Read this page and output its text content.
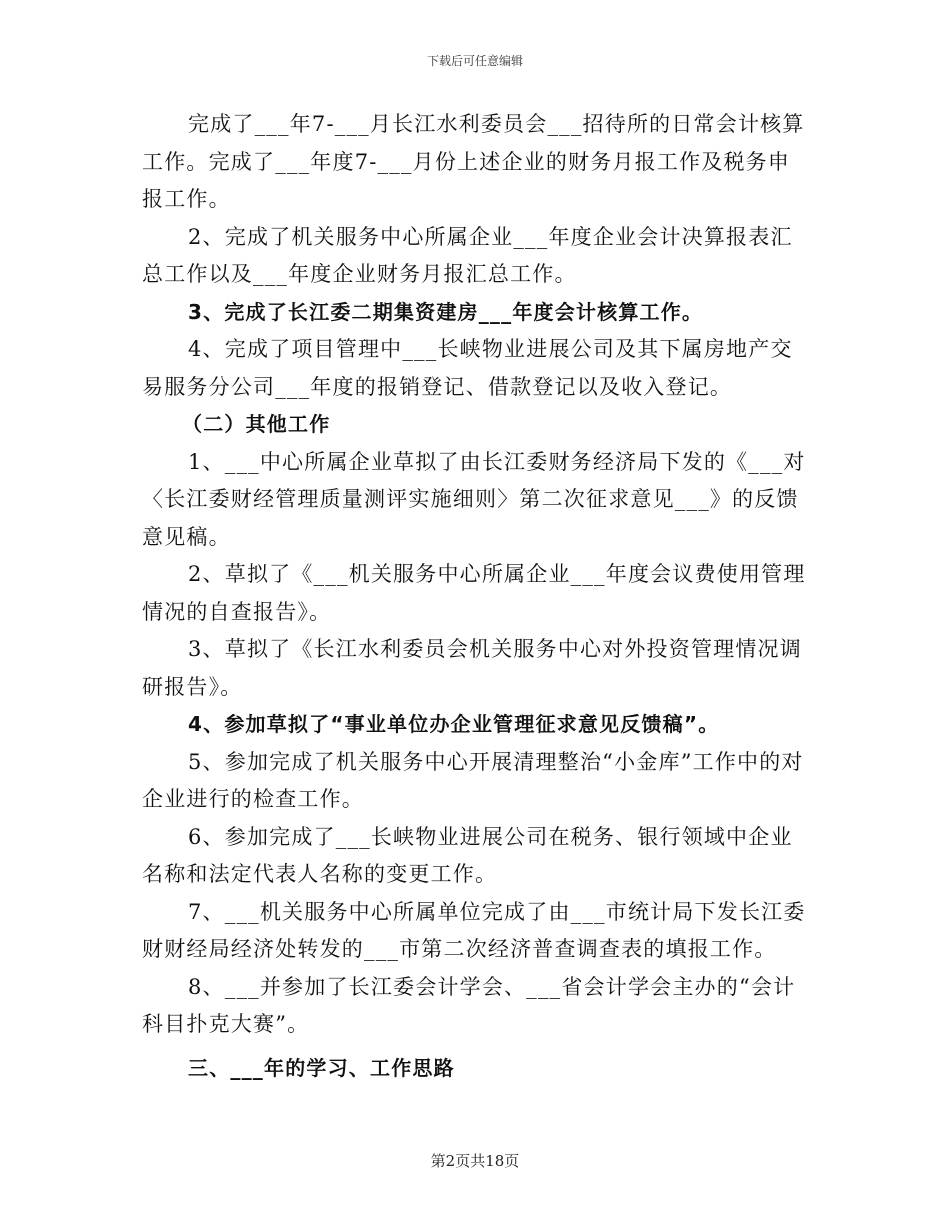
下载后可任意编辑

完成了___年7-___月长江水利委员会___招待所的日常会计核算工作。完成了___年度7-___月份上述企业的财务月报工作及税务申报工作。

2、完成了机关服务中心所属企业___年度企业会计决算报表汇总工作以及___年度企业财务月报汇总工作。

3、完成了长江委二期集资建房___年度会计核算工作。

4、完成了项目管理中___长峡物业进展公司及其下属房地产交易服务分公司___年度的报销登记、借款登记以及收入登记。

（二）其他工作

1、___中心所属企业草拟了由长江委财务经济局下发的《___对〈长江委财经管理质量测评实施细则〉第二次征求意见___》的反馈意见稿。

2、草拟了《___机关服务中心所属企业___年度会议费使用管理情况的自查报告》。

3、草拟了《长江水利委员会机关服务中心对外投资管理情况调研报告》。

4、参加草拟了“事业单位办企业管理征求意见反馈稿”。

5、参加完成了机关服务中心开展清理整治“小金库”工作中的对企业进行的检查工作。

6、参加完成了___长峡物业进展公司在税务、银行领域中企业名称和法定代表人名称的变更工作。

7、___机关服务中心所属单位完成了由___市统计局下发长江委财财经局经济处转发的___市第二次经济普查调查表的填报工作。

8、___并参加了长江委会计学会、___省会计学会主办的“会计科目扑克大赛”。

三、___年的学习、工作思路

第2页共18页
